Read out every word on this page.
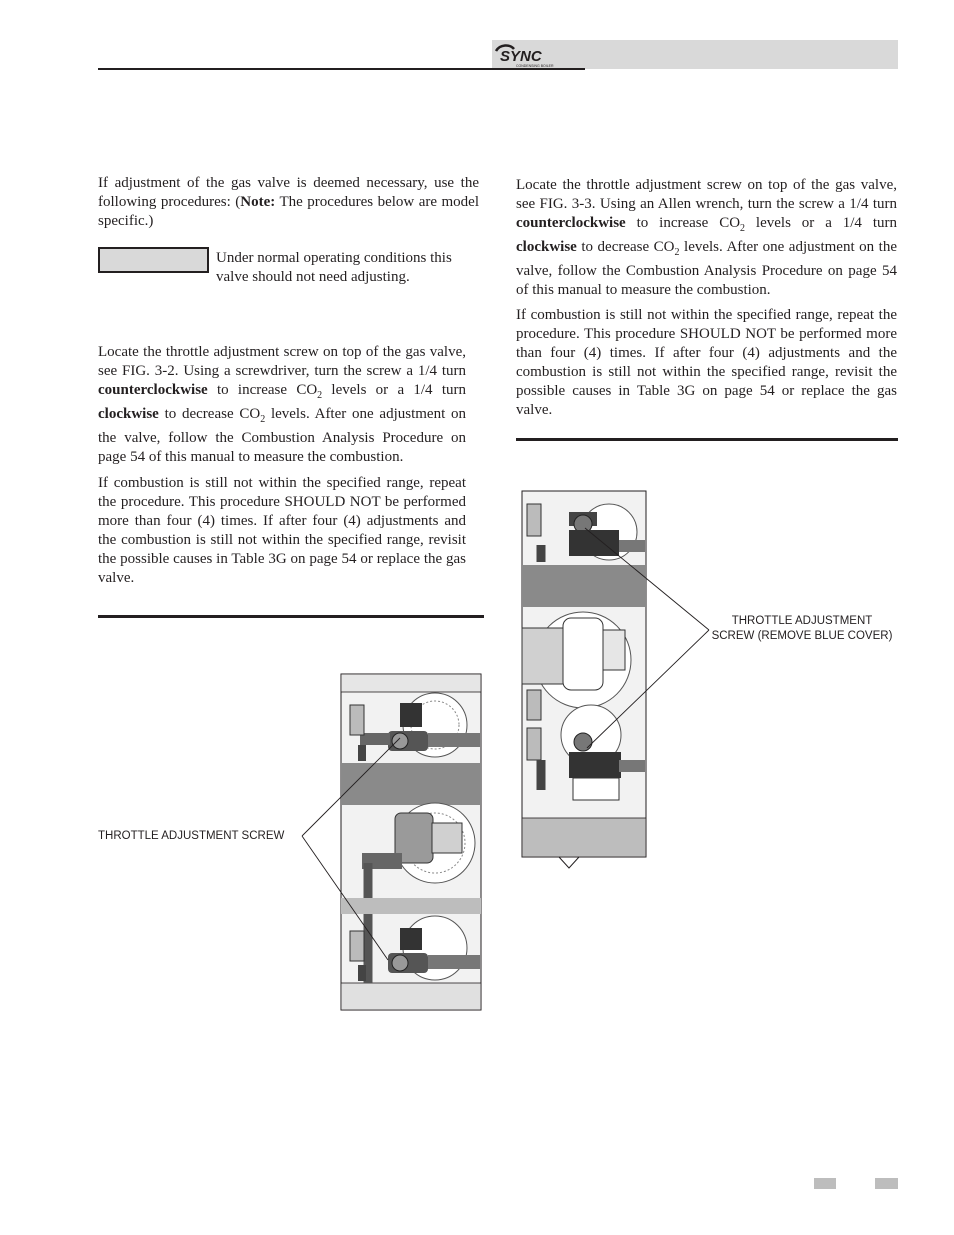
SYNC
CONDENSING BOILER

If adjustment of the gas valve is deemed necessary, use the following procedures: (Note: The procedures below are model specific.)

Under normal operating conditions this valve should not need adjusting.

Locate the throttle adjustment screw on top of the gas valve, see FIG. 3-2. Using a screwdriver, turn the screw a 1/4 turn counterclockwise to increase $CO_2$ levels or a 1/4 turn clockwise to decrease $CO_2$ levels. After one adjustment on the valve, follow the Combustion Analysis Procedure on page 54 of this manual to measure the combustion.

If combustion is still not within the specified range, repeat the procedure. This procedure SHOULD NOT be performed more than four (4) times. If after four (4) adjustments and the combustion is still not within the specified range, revisit the possible causes in Table 3G on page 54 or replace the gas valve.

THROTTLE ADJUSTMENT SCREW

Locate the throttle adjustment screw on top of the gas valve, see FIG. 3-3. Using an Allen wrench, turn the screw a 1/4 turn counterclockwise to increase $CO_2$ levels or a 1/4 turn clockwise to decrease $CO_2$ levels. After one adjustment on the valve, follow the Combustion Analysis Procedure on page 54 of this manual to measure the combustion.

If combustion is still not within the specified range, repeat the procedure. This procedure SHOULD NOT be performed more than four (4) times. If after four (4) adjustments and the combustion is still not within the specified range, revisit the possible causes in Table 3G on page 54 or replace the gas valve.

THROTTLE ADJUSTMENT
SCREW (REMOVE BLUE COVER)
